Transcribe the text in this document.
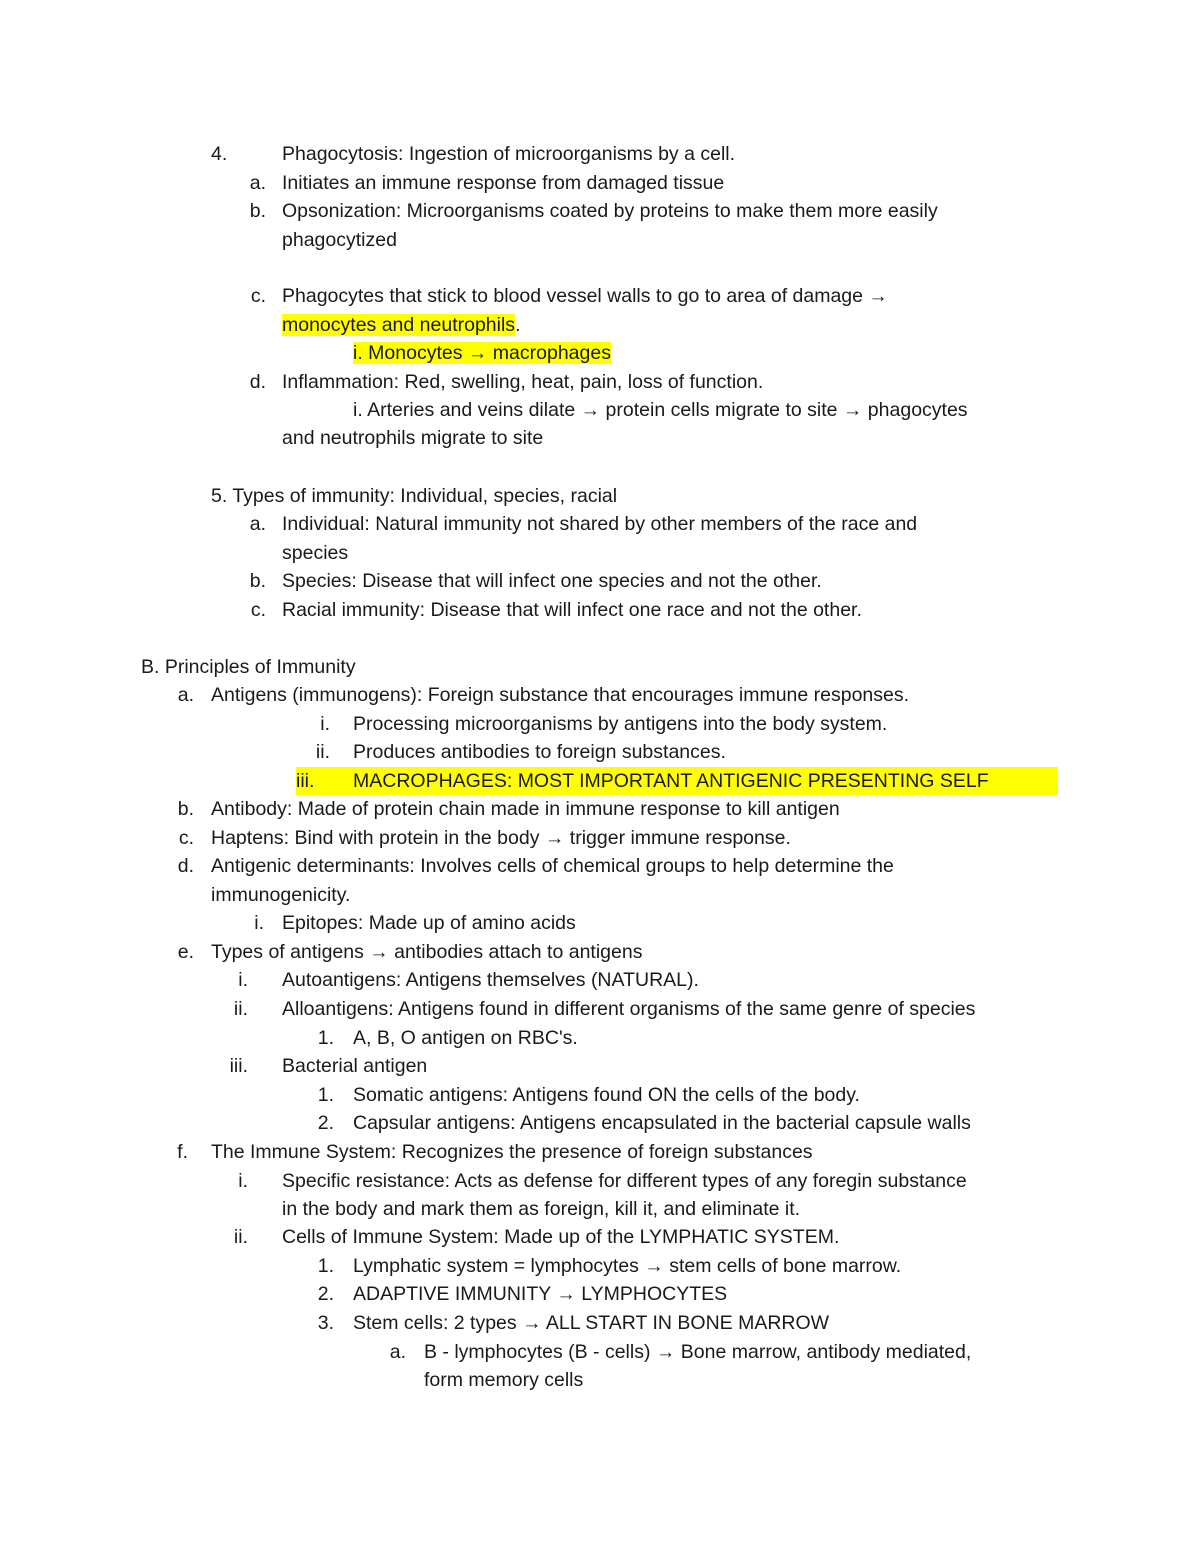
4.	Phagocytosis: Ingestion of microorganisms by a cell.
a. Initiates an immune response from damaged tissue
b. Opsonization: Microorganisms coated by proteins to make them more easily
phagocytized
c. Phagocytes that stick to blood vessel walls to go to area of damage →
monocytes and neutrophils.
i. Monocytes → macrophages
d. Inflammation: Red, swelling, heat, pain, loss of function.
i. Arteries and veins dilate → protein cells migrate to site → phagocytes
and neutrophils migrate to site
5. Types of immunity: Individual, species, racial
a. Individual: Natural immunity not shared by other members of the race and
species
b. Species: Disease that will infect one species and not the other.
c. Racial immunity: Disease that will infect one race and not the other.
B. Principles of Immunity
a. Antigens (immunogens): Foreign substance that encourages immune responses.
i. Processing microorganisms by antigens into the body system.
ii. Produces antibodies to foreign substances.
iii. MACROPHAGES: MOST IMPORTANT ANTIGENIC PRESENTING SELF
b. Antibody: Made of protein chain made in immune response to kill antigen
c. Haptens: Bind with protein in the body → trigger immune response.
d. Antigenic determinants: Involves cells of chemical groups to help determine the
immunogenicity.
i. Epitopes: Made up of amino acids
e. Types of antigens → antibodies attach to antigens
i. Autoantigens: Antigens themselves (NATURAL).
ii. Alloantigens: Antigens found in different organisms of the same genre of species
1. A, B, O antigen on RBC's.
iii. Bacterial antigen
1. Somatic antigens: Antigens found ON the cells of the body.
2. Capsular antigens: Antigens encapsulated in the bacterial capsule walls
f. The Immune System: Recognizes the presence of foreign substances
i. Specific resistance: Acts as defense for different types of any foregin substance
in the body and mark them as foreign, kill it, and eliminate it.
ii. Cells of Immune System: Made up of the LYMPHATIC SYSTEM.
1. Lymphatic system = lymphocytes → stem cells of bone marrow.
2. ADAPTIVE IMMUNITY → LYMPHOCYTES
3. Stem cells: 2 types → ALL START IN BONE MARROW
a. B - lymphocytes (B - cells) → Bone marrow, antibody mediated,
form memory cells
